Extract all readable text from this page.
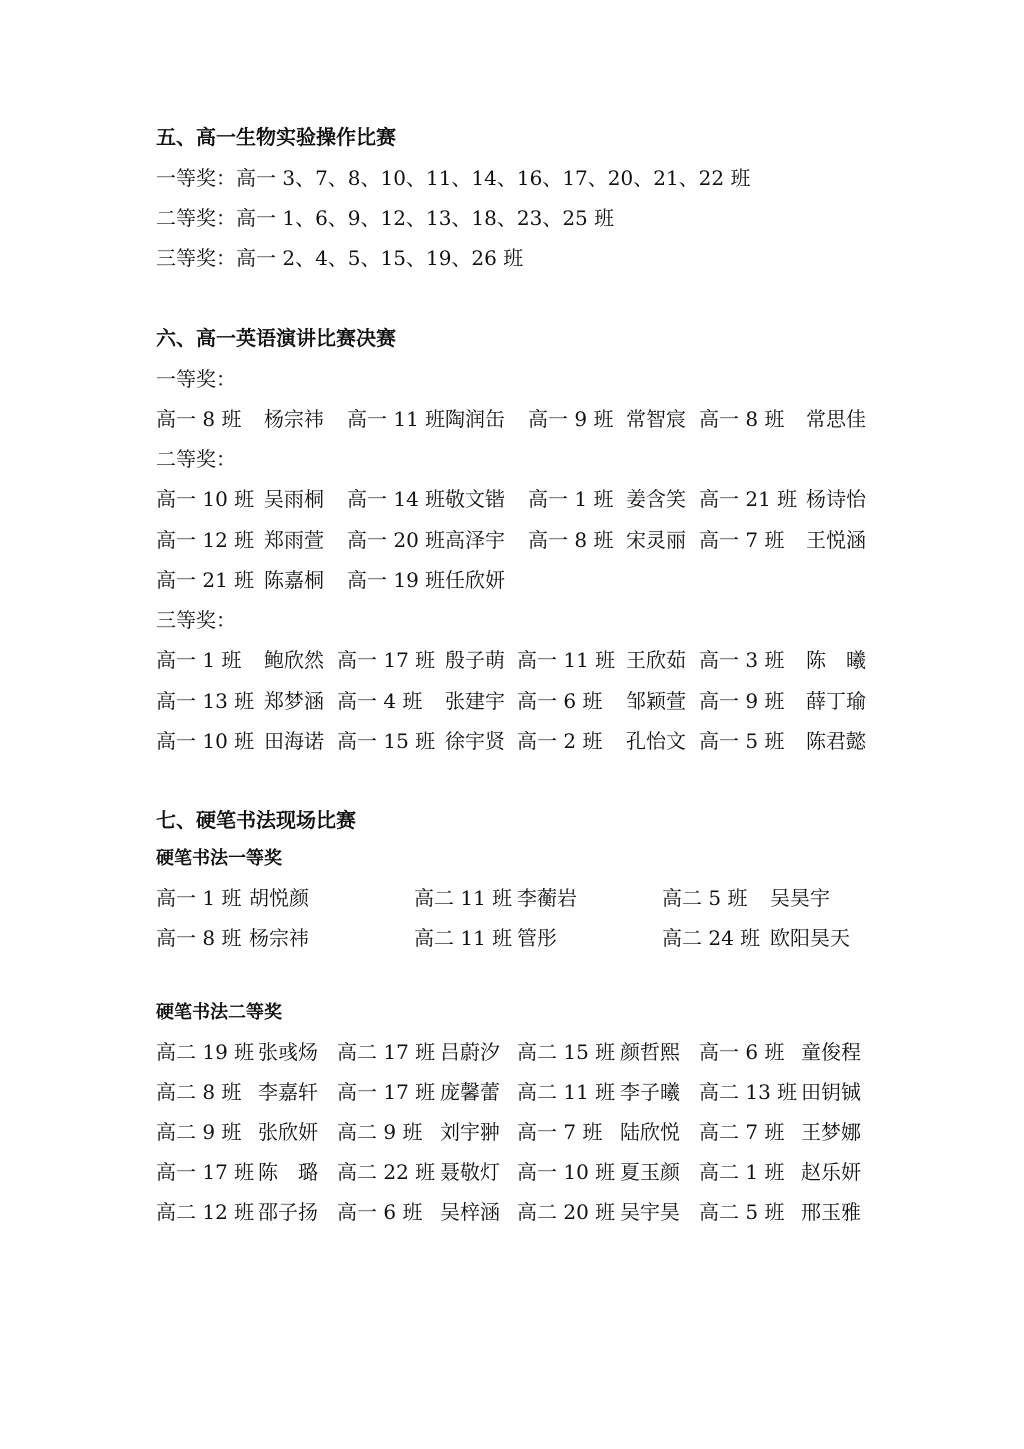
五、高一生物实验操作比赛
一等奖：高一 3、7、8、10、11、14、16、17、20、21、22 班
二等奖：高一 1、6、9、12、13、18、23、25 班
三等奖：高一 2、4、5、15、19、26 班
六、高一英语演讲比赛决赛
一等奖：
高一 8 班 杨宗祎 高一 11 班 陶润缶 高一 9 班 常智宸 高一 8 班 常思佳
二等奖：
高一 10 班 吴雨桐 高一 14 班 敬文锴 高一 1 班 姜含笑 高一 21 班 杨诗怡
高一 12 班 郑雨萱 高一 20 班 高泽宇 高一 8 班 宋灵丽 高一 7 班 王悦涵
高一 21 班 陈嘉桐 高一 19 班 任欣妍
三等奖：
高一 1 班 鲍欣然 高一 17 班 殷子萌 高一 11 班 王欣茹 高一 3 班 陈　曦
高一 13 班 郑梦涵 高一 4 班 张建宇 高一 6 班 邹颖萱 高一 9 班 薛丁瑜
高一 10 班 田海诺 高一 15 班 徐宇贤 高一 2 班 孔怡文 高一 5 班 陈君懿
七、硬笔书法现场比赛
硬笔书法一等奖
高一 1 班 胡悦颜	高二 11 班 李蘅岩	高二 5 班 吴昊宇
高一 8 班 杨宗祎	高二 11 班 管彤	高二 24 班 欧阳昊天
硬笔书法二等奖
高二 19 班 张彧炀 高二 17 班 吕蔚汐 高二 15 班 颜哲熙 高一 6 班 童俊程
高二 8 班 李嘉轩 高一 17 班 庞馨蕾 高二 11 班 李子曦 高二 13 班 田钥铖
高二 9 班 张欣妍 高二 9 班 刘宇翀 高一 7 班 陆欣悦 高二 7 班 王梦娜
高一 17 班 陈　璐 高二 22 班 聂敬灯 高一 10 班 夏玉颜 高二 1 班 赵乐妍
高二 12 班 邵子扬 高一 6 班 吴梓涵 高二 20 班 吴宇昊 高二 5 班 邢玉雅
